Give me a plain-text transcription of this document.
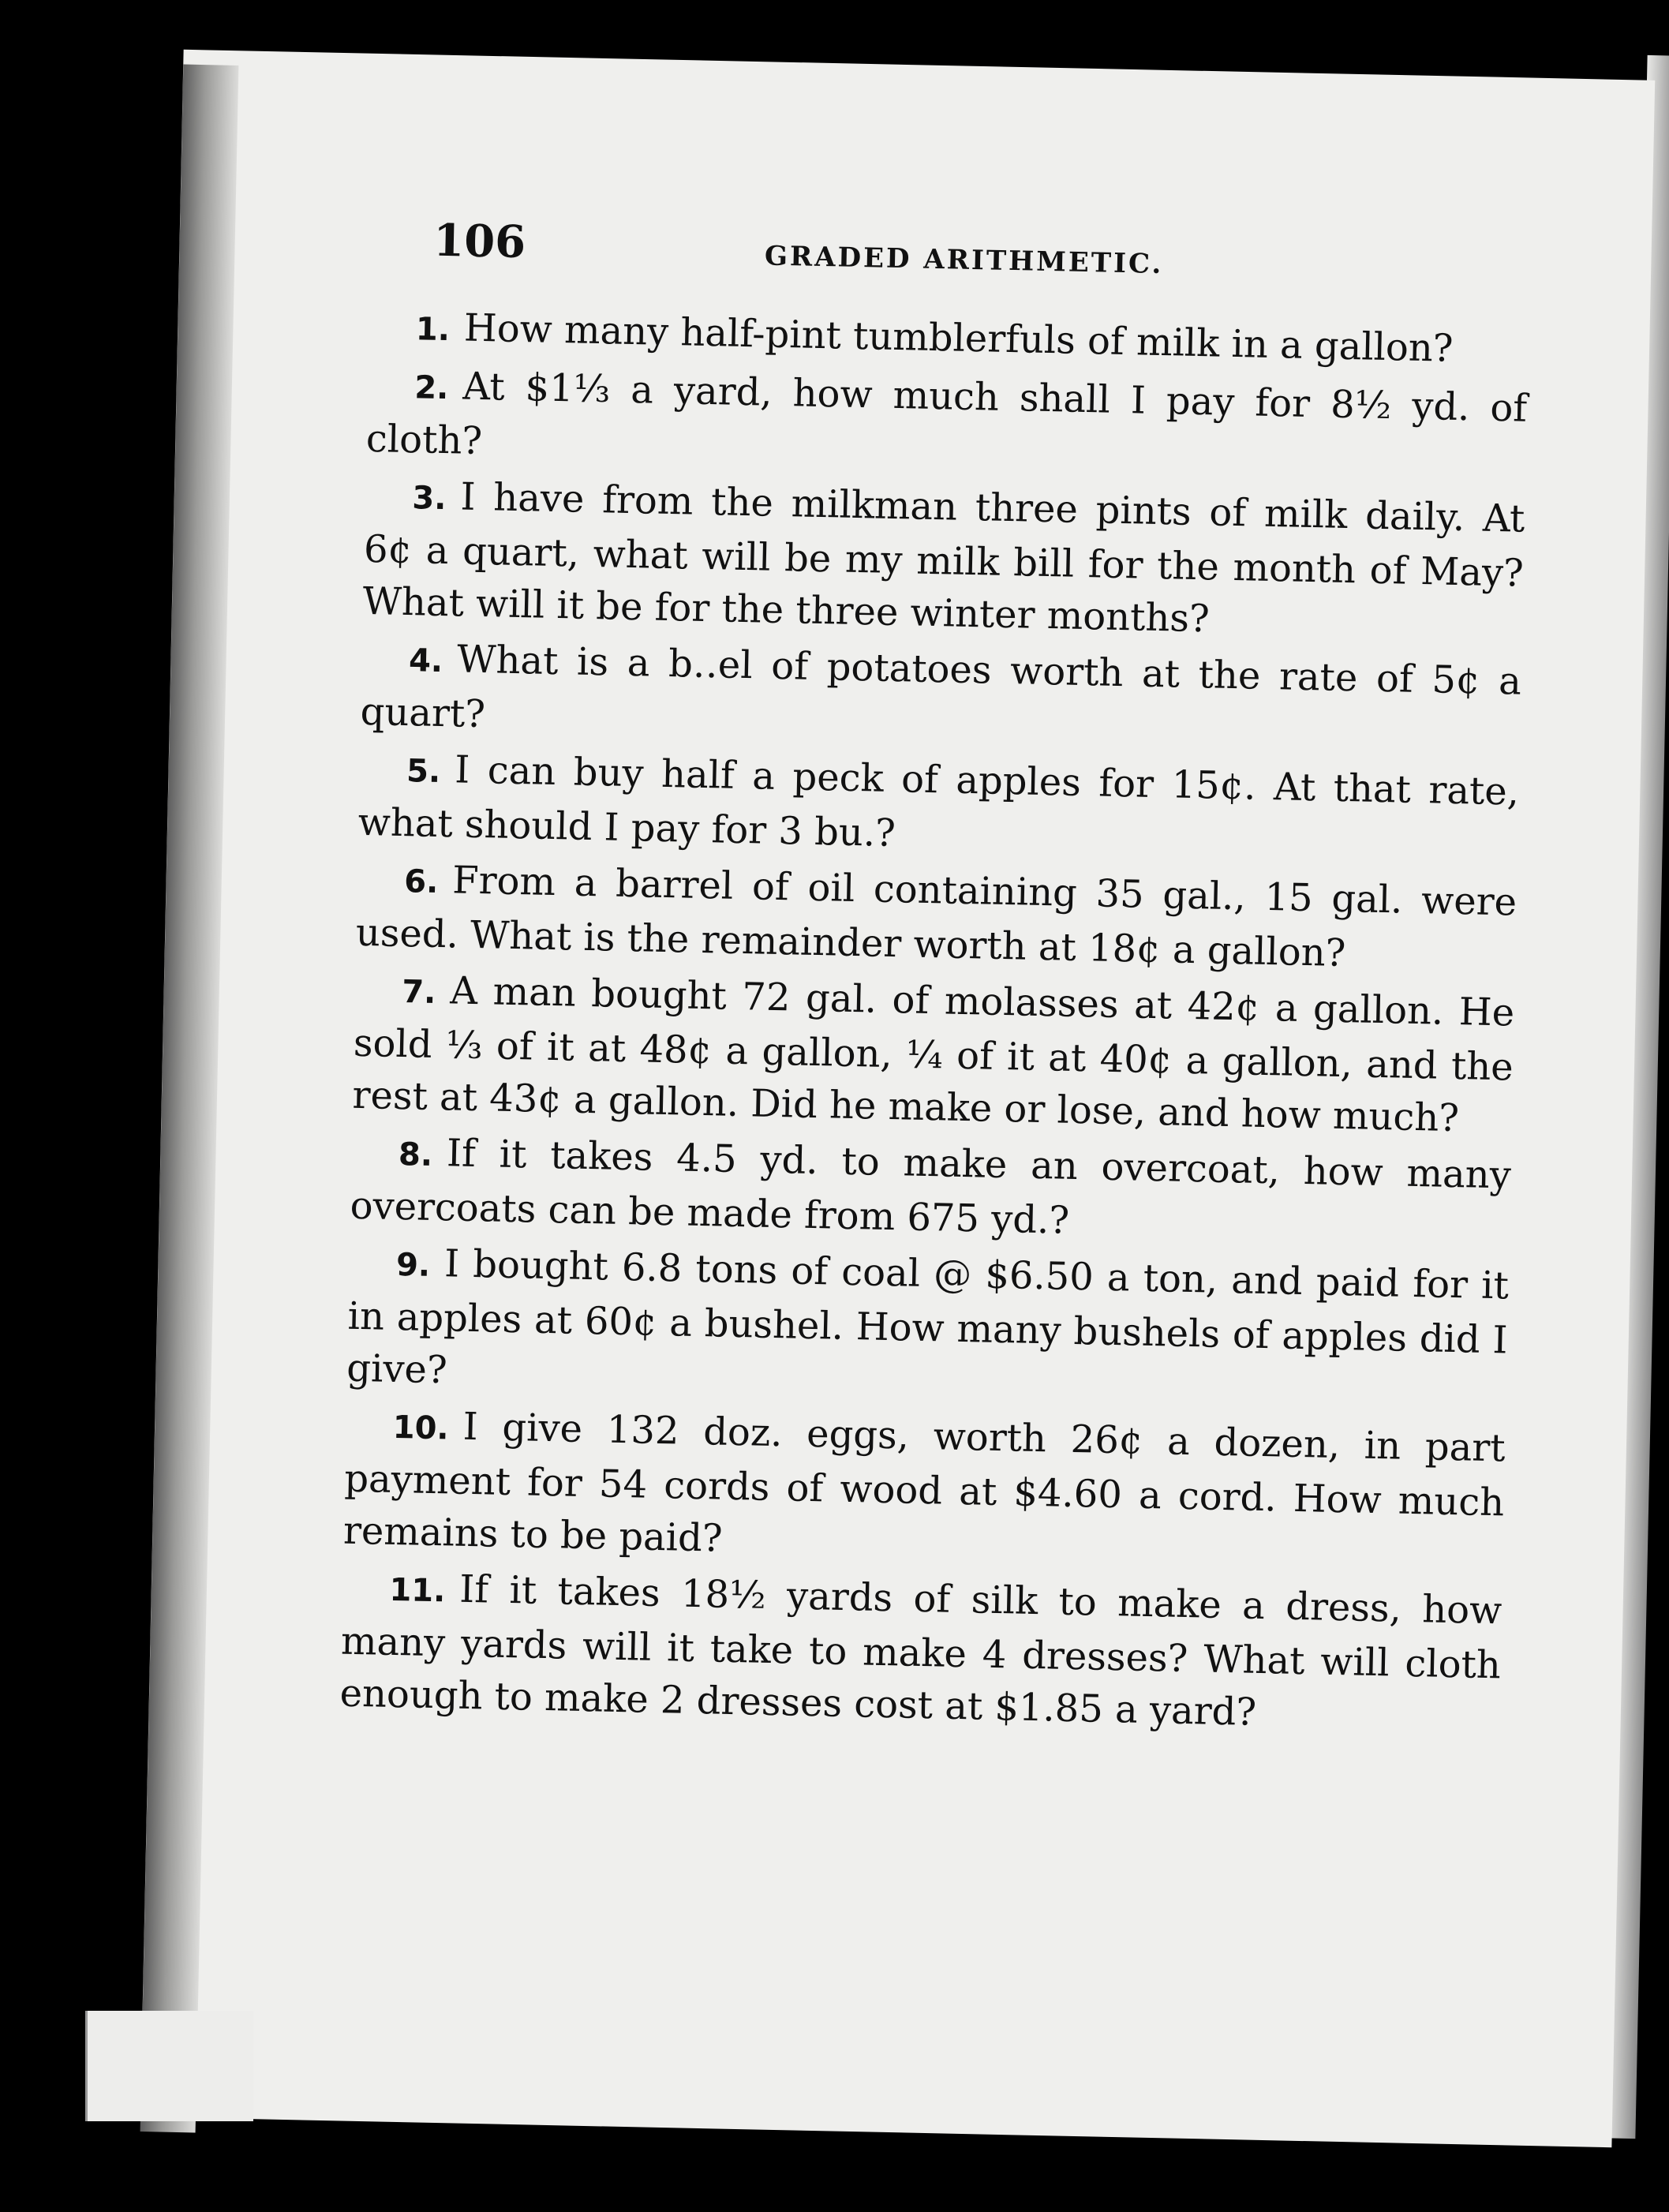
106	GRADED ARITHMETIC.
1. How many half-pint tumblerfuls of milk in a gallon?
2. At $1⅓ a yard, how much shall I pay for 8½ yd. of cloth?
3. I have from the milkman three pints of milk daily. At 6¢ a quart, what will be my milk bill for the month of May? What will it be for the three winter months?
4. What is a b‥el of potatoes worth at the rate of 5¢ a quart?
5. I can buy half a peck of apples for 15¢. At that rate, what should I pay for 3 bu.?
6. From a barrel of oil containing 35 gal., 15 gal. were used. What is the remainder worth at 18¢ a gallon?
7. A man bought 72 gal. of molasses at 42¢ a gallon. He sold ⅓ of it at 48¢ a gallon, ¼ of it at 40¢ a gallon, and the rest at 43¢ a gallon. Did he make or lose, and how much?
8. If it takes 4.5 yd. to make an overcoat, how many overcoats can be made from 675 yd.?
9. I bought 6.8 tons of coal @ $6.50 a ton, and paid for it in apples at 60¢ a bushel. How many bushels of apples did I give?
10. I give 132 doz. eggs, worth 26¢ a dozen, in part payment for 54 cords of wood at $4.60 a cord. How much remains to be paid?
11. If it takes 18½ yards of silk to make a dress, how many yards will it take to make 4 dresses? What will cloth enough to make 2 dresses cost at $1.85 a yard?
